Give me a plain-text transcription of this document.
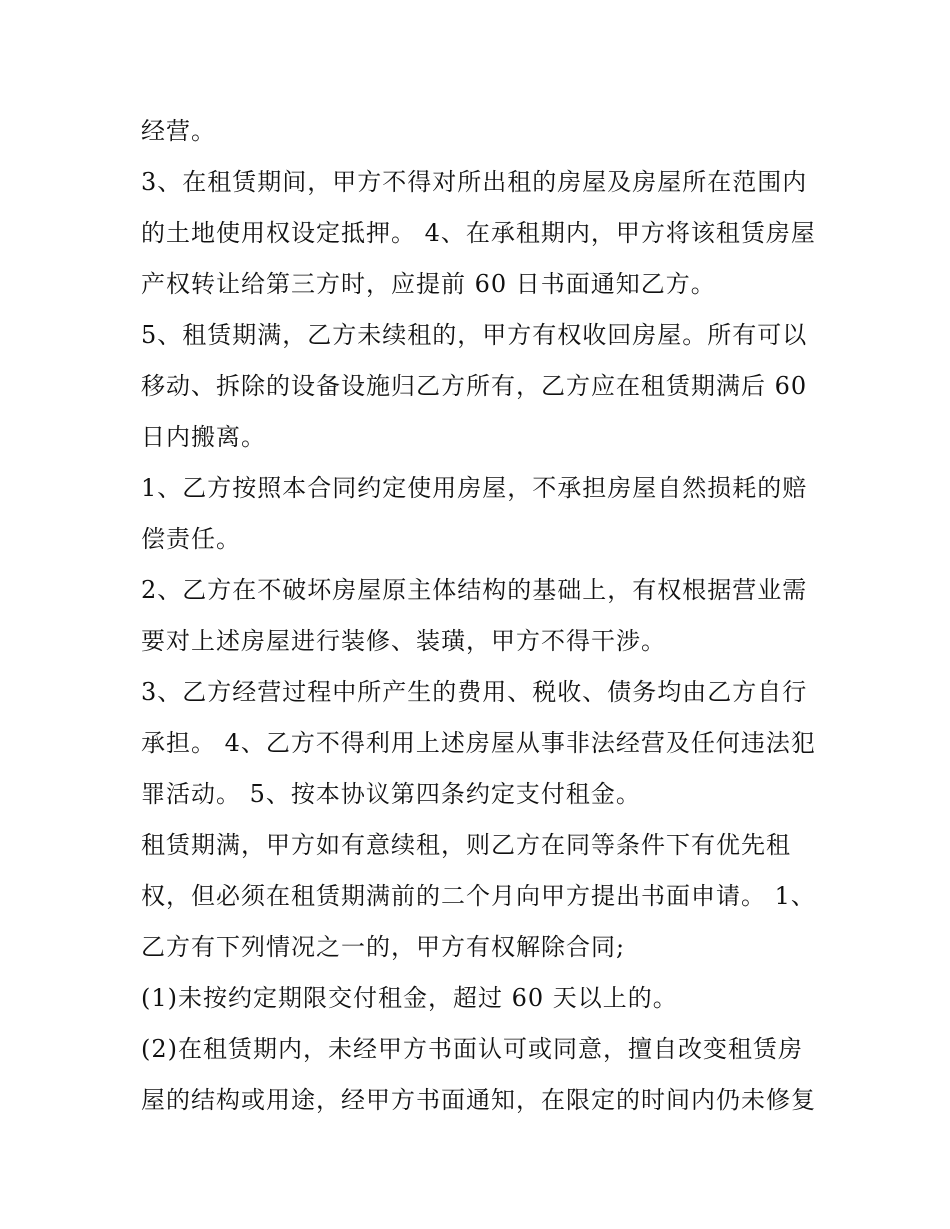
经营。
3、在租赁期间，甲方不得对所出租的房屋及房屋所在范围内
的土地使用权设定抵押。 4、在承租期内，甲方将该租赁房屋
产权转让给第三方时，应提前 60 日书面通知乙方。
5、租赁期满，乙方未续租的，甲方有权收回房屋。所有可以
移动、拆除的设备设施归乙方所有，乙方应在租赁期满后 60
日内搬离。
1、乙方按照本合同约定使用房屋，不承担房屋自然损耗的赔
偿责任。
2、乙方在不破坏房屋原主体结构的基础上，有权根据营业需
要对上述房屋进行装修、装璜，甲方不得干涉。
3、乙方经营过程中所产生的费用、税收、债务均由乙方自行
承担。 4、乙方不得利用上述房屋从事非法经营及任何违法犯
罪活动。 5、按本协议第四条约定支付租金。
租赁期满，甲方如有意续租，则乙方在同等条件下有优先租
权，但必须在租赁期满前的二个月向甲方提出书面申请。 1、
乙方有下列情况之一的，甲方有权解除合同;
(1)未按约定期限交付租金，超过 60 天以上的。
(2)在租赁期内，未经甲方书面认可或同意，擅自改变租赁房
屋的结构或用途，经甲方书面通知，在限定的时间内仍未修复
